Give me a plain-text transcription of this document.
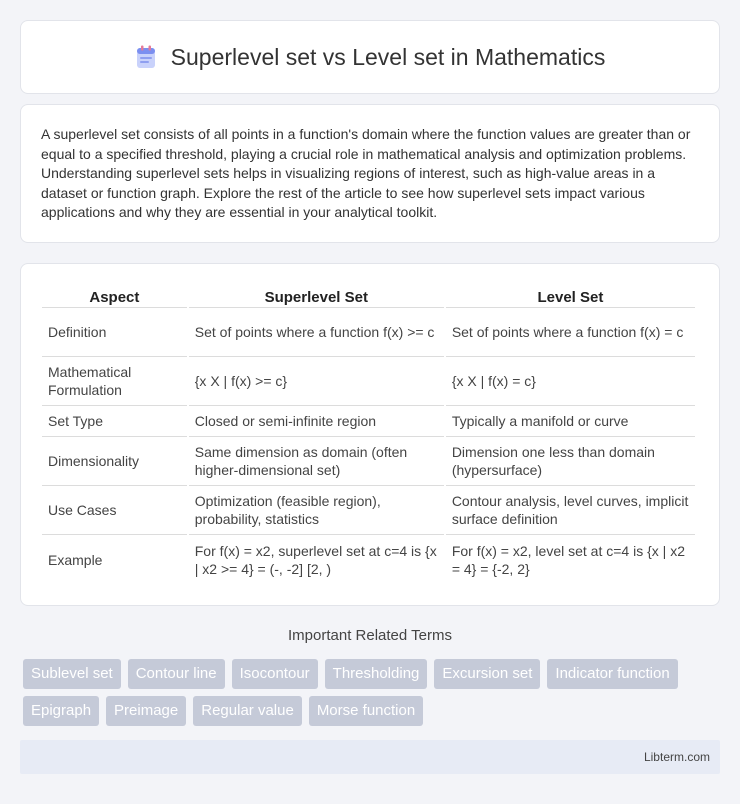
Superlevel set vs Level set in Mathematics

A superlevel set consists of all points in a function's domain where the function values are greater than or equal to a specified threshold, playing a crucial role in mathematical analysis and optimization problems. Understanding superlevel sets helps in visualizing regions of interest, such as high-value areas in a dataset or function graph. Explore the rest of the article to see how superlevel sets impact various applications and why they are essential in your analytical toolkit.

Aspect	Superlevel Set	Level Set
Definition	Set of points where a function f(x) >= c	Set of points where a function f(x) = c
Mathematical Formulation	{x X | f(x) >= c}	{x X | f(x) = c}
Set Type	Closed or semi-infinite region	Typically a manifold or curve
Dimensionality	Same dimension as domain (often higher-dimensional set)	Dimension one less than domain (hypersurface)
Use Cases	Optimization (feasible region), probability, statistics	Contour analysis, level curves, implicit surface definition
Example	For f(x) = x2, superlevel set at c=4 is {x | x2 >= 4} = (-, -2] [2, )	For f(x) = x2, level set at c=4 is {x | x2 = 4} = {-2, 2}
Important Related Terms
Sublevel set	Contour line	Isocontour	Thresholding	Excursion set	Indicator function
Epigraph	Preimage	Regular value	Morse function
Libterm.com
